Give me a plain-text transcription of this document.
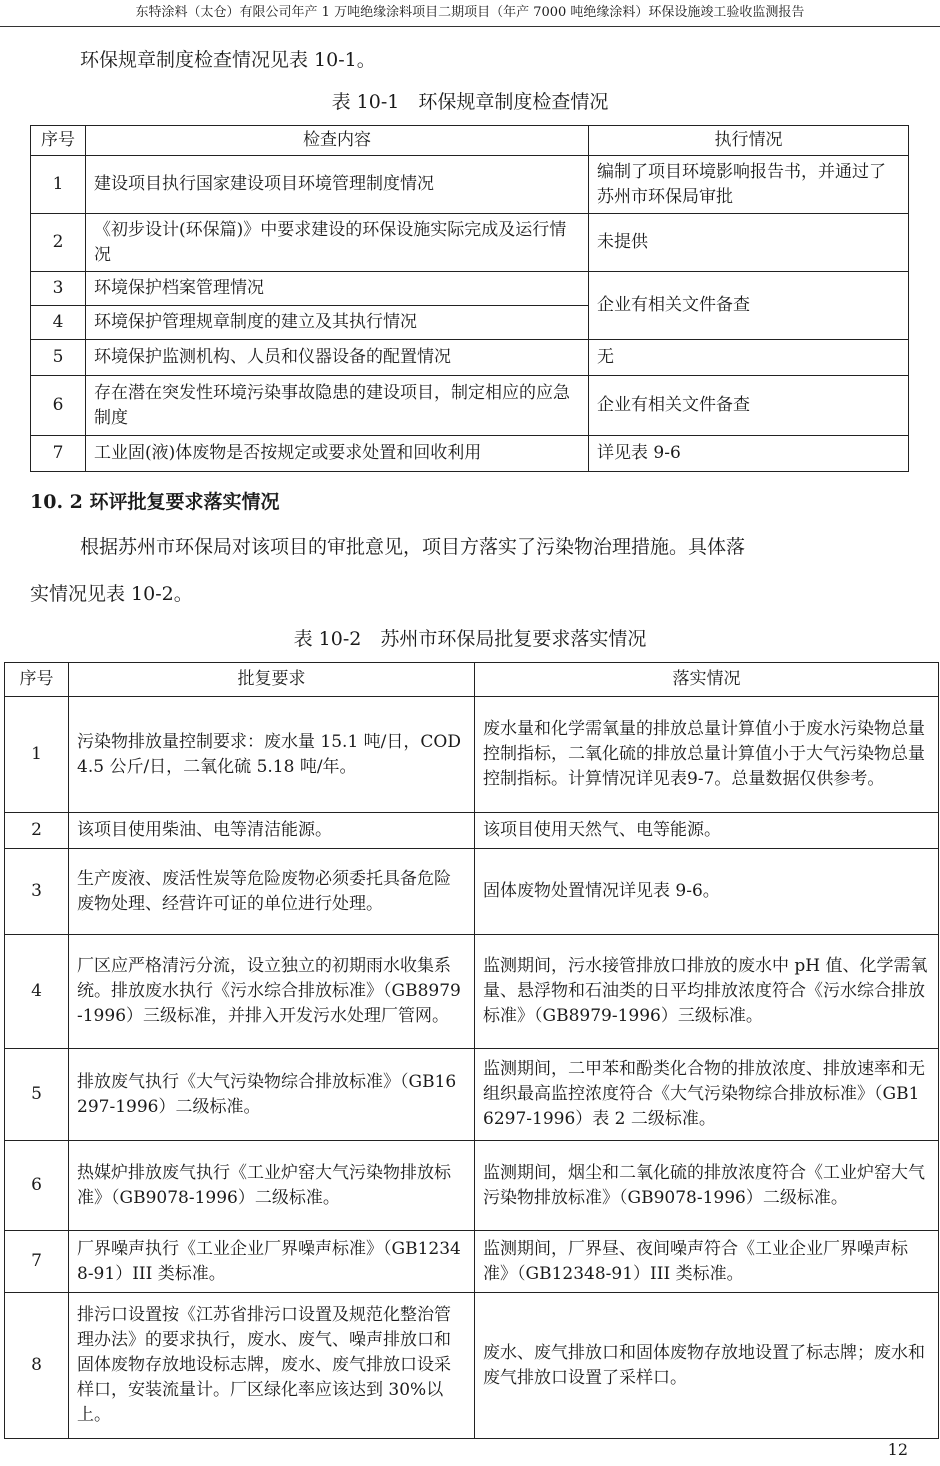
东特涂料（太仓）有限公司年产 1 万吨绝缘涂料项目二期项目（年产 7000 吨绝缘涂料）环保设施竣工验收监测报告

环保规章制度检查情况见表 10-1。

表 10-1　环保规章制度检查情况
序号	检查内容	执行情况
1	建设项目执行国家建设项目环境管理制度情况	编制了项目环境影响报告书，并通过了苏州市环保局审批
2	《初步设计(环保篇)》中要求建设的环保设施实际完成及运行情况	未提供
3	环境保护档案管理情况	企业有相关文件备查
4	环境保护管理规章制度的建立及其执行情况	
5	环境保护监测机构、人员和仪器设备的配置情况	无
6	存在潜在突发性环境污染事故隐患的建设项目，制定相应的应急制度	企业有相关文件备查
7	工业固(液)体废物是否按规定或要求处置和回收利用	详见表 9-6
10. 2 环评批复要求落实情况

根据苏州市环保局对该项目的审批意见，项目方落实了污染物治理措施。具体落

实情况见表 10-2。

表 10-2　苏州市环保局批复要求落实情况
序号	批复要求	落实情况
1	污染物排放量控制要求：废水量 15.1 吨/日，COD4.5 公斤/日，二氧化硫 5.18 吨/年。	废水量和化学需氧量的排放总量计算值小于废水污染物总量控制指标，二氧化硫的排放总量计算值小于大气污染物总量控制指标。计算情况详见表9-7。总量数据仅供参考。
2	该项目使用柴油、电等清洁能源。	该项目使用天然气、电等能源。
3	生产废液、废活性炭等危险废物必须委托具备危险废物处理、经营许可证的单位进行处理。	固体废物处置情况详见表 9-6。
4	厂区应严格清污分流，设立独立的初期雨水收集系统。排放废水执行《污水综合排放标准》（GB8979-1996）三级标准，并排入开发污水处理厂管网。	监测期间，污水接管排放口排放的废水中 pH 值、化学需氧量、悬浮物和石油类的日平均排放浓度符合《污水综合排放标准》（GB8979-1996）三级标准。
5	排放废气执行《大气污染物综合排放标准》（GB16297-1996）二级标准。	监测期间，二甲苯和酚类化合物的排放浓度、排放速率和无组织最高监控浓度符合《大气污染物综合排放标准》（GB16297-1996）表 2 二级标准。
6	热媒炉排放废气执行《工业炉窑大气污染物排放标准》（GB9078-1996）二级标准。	监测期间，烟尘和二氧化硫的排放浓度符合《工业炉窑大气污染物排放标准》（GB9078-1996）二级标准。
7	厂界噪声执行《工业企业厂界噪声标准》（GB12348-91）III 类标准。	监测期间，厂界昼、夜间噪声符合《工业企业厂界噪声标准》（GB12348-91）III 类标准。
8	排污口设置按《江苏省排污口设置及规范化整治管理办法》的要求执行，废水、废气、噪声排放口和固体废物存放地设标志牌，废水、废气排放口设采样口，安装流量计。厂区绿化率应该达到 30%以上。	废水、废气排放口和固体废物存放地设置了标志牌；废水和废气排放口设置了采样口。
12
